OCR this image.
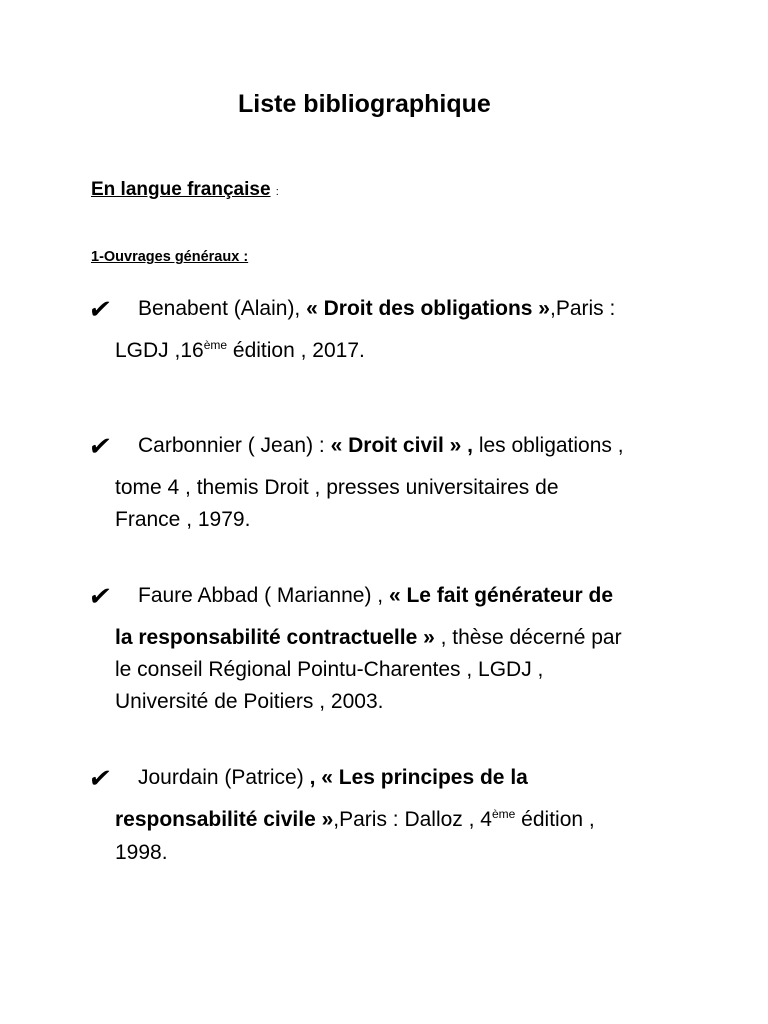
Liste bibliographique
En langue française :
1-Ouvrages généraux :
✔ Benabent (Alain), « Droit des obligations »,Paris :
LGDJ ,16ème édition , 2017.
✔ Carbonnier ( Jean) : « Droit civil » , les obligations ,
tome 4 , themis Droit , presses universitaires de
France , 1979.
✔ Faure Abbad ( Marianne) , « Le fait générateur de
la responsabilité contractuelle » , thèse décerné par
le conseil Régional Pointu-Charentes , LGDJ ,
Université de Poitiers , 2003.
✔ Jourdain (Patrice) , « Les principes de la
responsabilité civile »,Paris : Dalloz , 4ème édition ,
1998.
